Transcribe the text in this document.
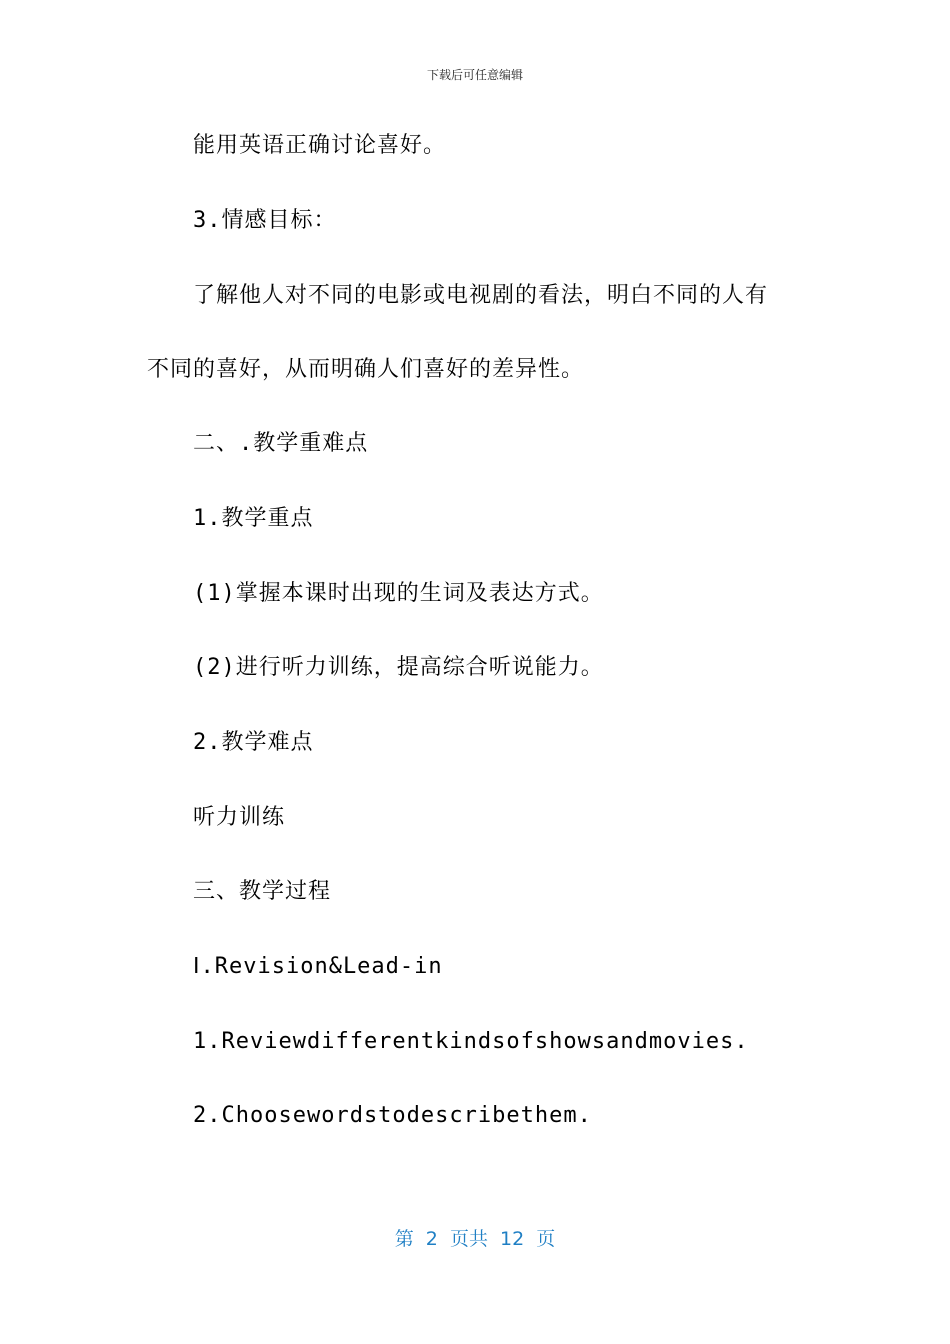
下载后可任意编辑
能用英语正确讨论喜好。
3.情感目标：
了解他人对不同的电影或电视剧的看法，明白不同的人有
不同的喜好，从而明确人们喜好的差异性。
二、.教学重难点
1.教学重点
(1)掌握本课时出现的生词及表达方式。
(2)进行听力训练，提高综合听说能力。
2.教学难点
听力训练
三、教学过程
Ⅰ.Revision&Lead-in
1.Reviewdifferentkindsofshowsandmovies.
2.Choosewordstodescribethem.
第  2  页共  12  页
